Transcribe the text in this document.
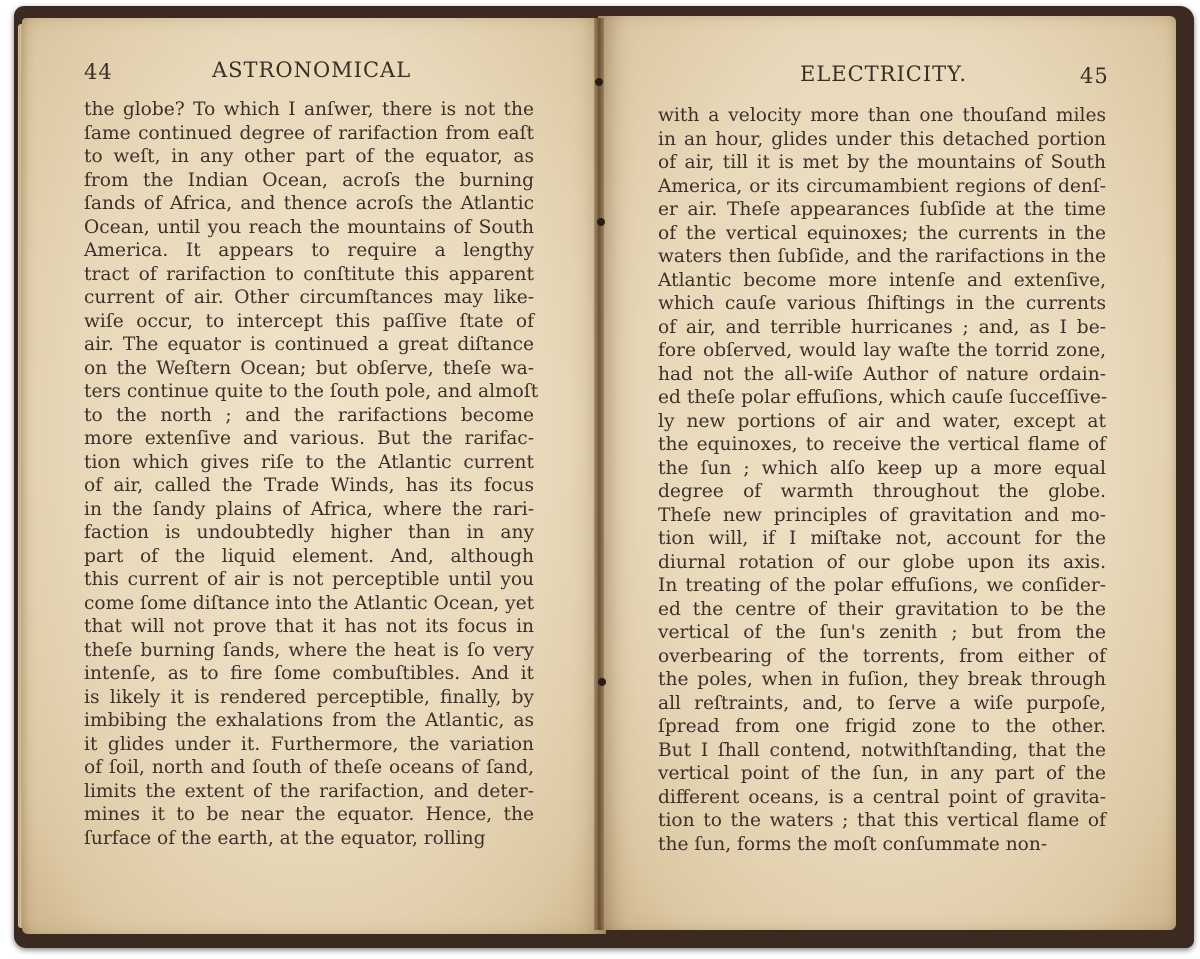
44	ASTRONOMICAL
the globe? To which I anſwer, there is not the
ſame continued degree of rarifaction from eaſt
to weſt, in any other part of the equator, as
from the Indian Ocean, acroſs the burning
ſands of Africa, and thence acroſs the Atlantic
Ocean, until you reach the mountains of South
America. It appears to require a lengthy
tract of rarifaction to conſtitute this apparent
current of air. Other circumſtances may like-
wiſe occur, to intercept this paſſive ſtate of
air. The equator is continued a great diſtance
on the Weſtern Ocean; but obſerve, theſe wa-
ters continue quite to the ſouth pole, and almoſt
to the north ; and the rarifactions become
more extenſive and various. But the rarifac-
tion which gives riſe to the Atlantic current
of air, called the Trade Winds, has its focus
in the ſandy plains of Africa, where the rari-
faction is undoubtedly higher than in any
part of the liquid element. And, although
this current of air is not perceptible until you
come ſome diſtance into the Atlantic Ocean, yet
that will not prove that it has not its focus in
theſe burning ſands, where the heat is ſo very
intenſe, as to fire ſome combuſtibles. And it
is likely it is rendered perceptible, finally, by
imbibing the exhalations from the Atlantic, as
it glides under it. Furthermore, the variation
of ſoil, north and ſouth of theſe oceans of ſand,
limits the extent of the rarifaction, and deter-
mines it to be near the equator. Hence, the
ſurface of the earth, at the equator, rolling
ELECTRICITY.	45
with a velocity more than one thouſand miles
in an hour, glides under this detached portion
of air, till it is met by the mountains of South
America, or its circumambient regions of denſ-
er air. Theſe appearances ſubſide at the time
of the vertical equinoxes; the currents in the
waters then ſubſide, and the rarifactions in the
Atlantic become more intenſe and extenſive,
which cauſe various ſhiftings in the currents
of air, and terrible hurricanes ; and, as I be-
fore obſerved, would lay waſte the torrid zone,
had not the all-wiſe Author of nature ordain-
ed theſe polar effuſions, which cauſe ſucceſſive-
ly new portions of air and water, except at
the equinoxes, to receive the vertical flame of
the ſun ; which alſo keep up a more equal
degree of warmth throughout the globe.
Theſe new principles of gravitation and mo-
tion will, if I miſtake not, account for the
diurnal rotation of our globe upon its axis.
In treating of the polar effuſions, we conſider-
ed the centre of their gravitation to be the
vertical of the ſun's zenith ; but from the
overbearing of the torrents, from either of
the poles, when in fuſion, they break through
all reſtraints, and, to ſerve a wiſe purpoſe,
ſpread from one frigid zone to the other.
But I ſhall contend, notwithſtanding, that the
vertical point of the ſun, in any part of the
different oceans, is a central point of gravita-
tion to the waters ; that this vertical flame of
the ſun, forms the moſt conſummate non-
